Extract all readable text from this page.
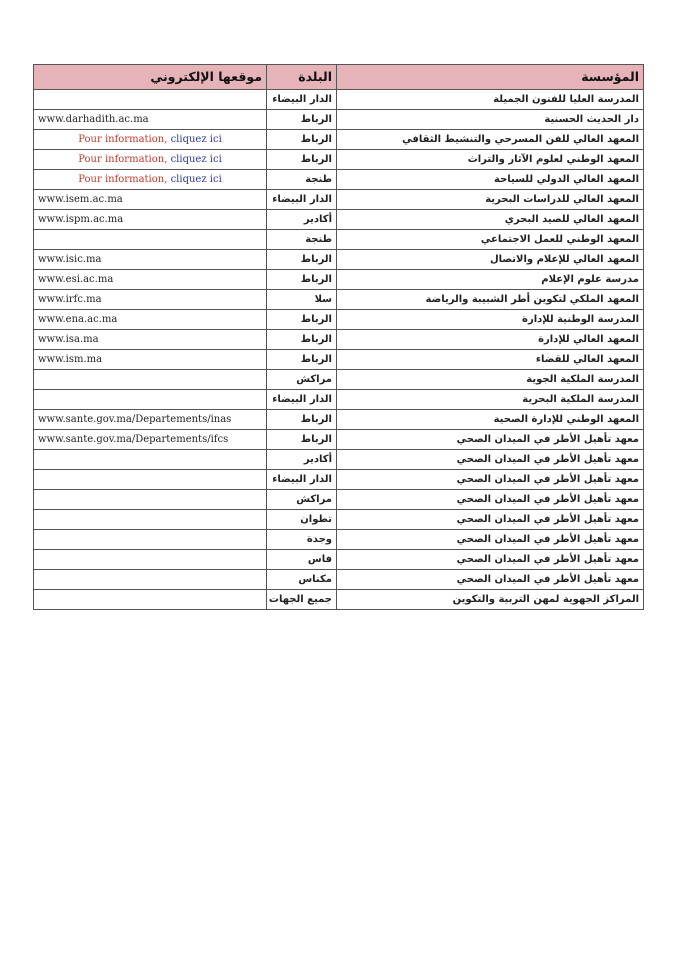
موقعها الإلكتروني	البلدة	المؤسسة
	الدار البيضاء	المدرسة العليا للفنون الجميلة
www.darhadith.ac.ma	الرباط	دار الحديث الحسنية
Pour information, cliquez ici	الرباط	المعهد العالي للفن المسرحي والتنشيط الثقافي
Pour information, cliquez ici	الرباط	المعهد الوطني لعلوم الآثار والتراث
Pour information, cliquez ici	طنجة	المعهد العالي الدولي للسياحة
www.isem.ac.ma	الدار البيضاء	المعهد العالي للدراسات البحرية
www.ispm.ac.ma	أكادير	المعهد العالي للصيد البحري
	طنجة	المعهد الوطني للعمل الاجتماعي
www.isic.ma	الرباط	المعهد العالي للإعلام والاتصال
www.esi.ac.ma	الرباط	مدرسة علوم الإعلام
www.irfc.ma	سلا	المعهد الملكي لتكوين أطر الشبيبة والرياضة
www.ena.ac.ma	الرباط	المدرسة الوطنية للإدارة
www.isa.ma	الرباط	المعهد العالي للإدارة
www.ism.ma	الرباط	المعهد العالي للقضاء
	مراكش	المدرسة الملكية الجوية
	الدار البيضاء	المدرسة الملكية البحرية
www.sante.gov.ma/Departements/inas	الرباط	المعهد الوطني للإدارة الصحية
www.sante.gov.ma/Departements/ifcs	الرباط	معهد تأهيل الأطر في الميدان الصحي
	أكادير	معهد تأهيل الأطر في الميدان الصحي
	الدار البيضاء	معهد تأهيل الأطر في الميدان الصحي
	مراكش	معهد تأهيل الأطر في الميدان الصحي
	تطوان	معهد تأهيل الأطر في الميدان الصحي
	وجدة	معهد تأهيل الأطر في الميدان الصحي
	فاس	معهد تأهيل الأطر في الميدان الصحي
	مكناس	معهد تأهيل الأطر في الميدان الصحي
	جميع الجهات	المراكز الجهوية لمهن التربية والتكوين
